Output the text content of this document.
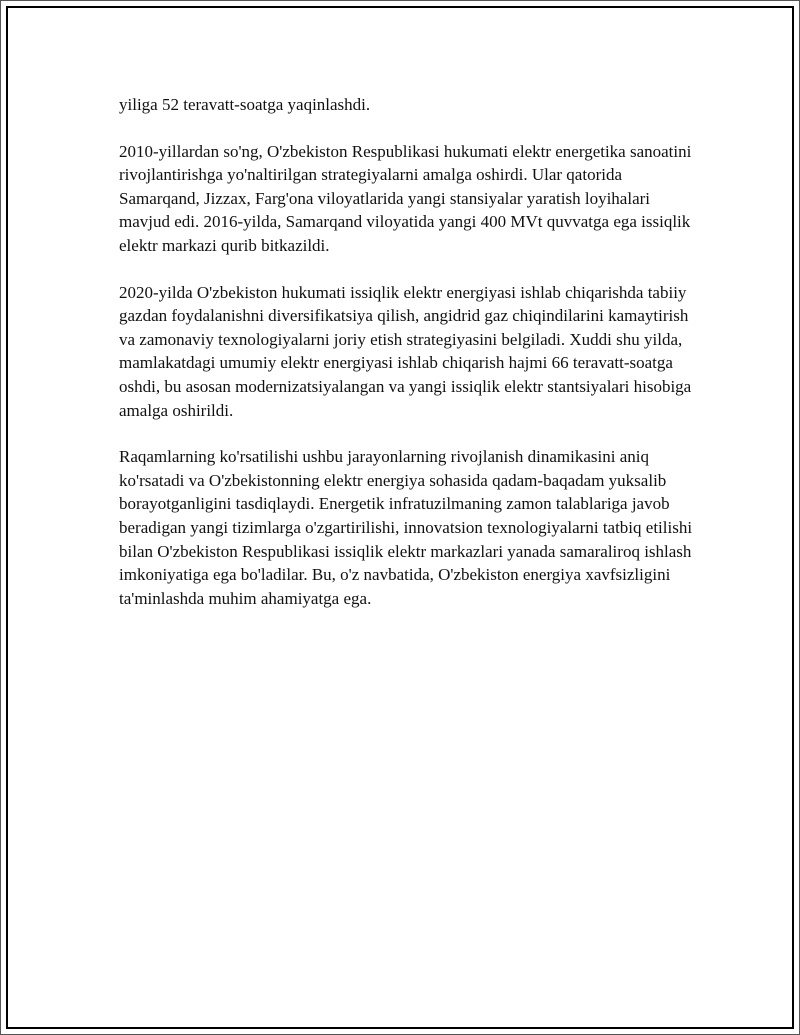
yiliga 52 teravatt-soatga yaqinlashdi.

2010-yillardan so'ng, O'zbekiston Respublikasi hukumati elektr energetika sanoatini rivojlantirishga yo'naltirilgan strategiyalarni amalga oshirdi. Ular qatorida Samarqand, Jizzax, Farg'ona viloyatlarida yangi stansiyalar yaratish loyihalari mavjud edi. 2016-yilda, Samarqand viloyatida yangi 400 MVt quvvatga ega issiqlik elektr markazi qurib bitkazildi.

2020-yilda O'zbekiston hukumati issiqlik elektr energiyasi ishlab chiqarishda tabiiy gazdan foydalanishni diversifikatsiya qilish, angidrid gaz chiqindilarini kamaytirish va zamonaviy texnologiyalarni joriy etish strategiyasini belgiladi. Xuddi shu yilda, mamlakatdagi umumiy elektr energiyasi ishlab chiqarish hajmi 66 teravatt-soatga oshdi, bu asosan modernizatsiyalangan va yangi issiqlik elektr stantsiyalari hisobiga amalga oshirildi.

Raqamlarning ko'rsatilishi ushbu jarayonlarning rivojlanish dinamikasini aniq ko'rsatadi va O'zbekistonning elektr energiya sohasida qadam-baqadam yuksalib borayotganligini tasdiqlaydi. Energetik infratuzilmaning zamon talablariga javob beradigan yangi tizimlarga o'zgartirilishi, innovatsion texnologiyalarni tatbiq etilishi bilan O'zbekiston Respublikasi issiqlik elektr markazlari yanada samaraliroq ishlash imkoniyatiga ega bo'ladilar. Bu, o'z navbatida, O'zbekiston energiya xavfsizligini ta'minlashda muhim ahamiyatga ega.
